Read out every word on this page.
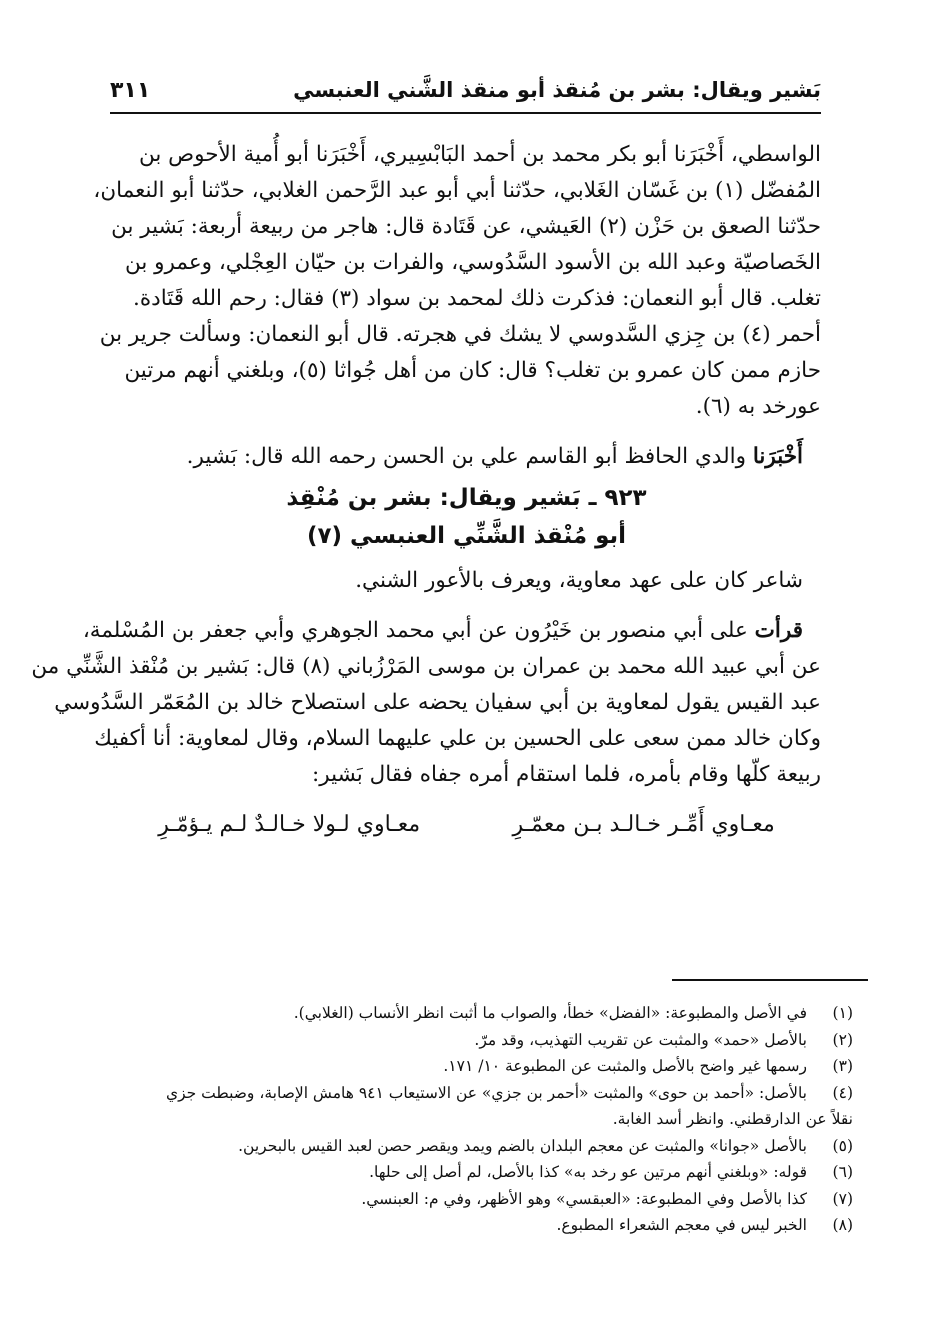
بَشير ويقال: بشر بن مُنقذ أبو منقذ الشَّني العنبسي
٣١١

الواسطي، أَخْبَرَنا أبو بكر محمد بن أحمد البَابْسِيري، أَخْبَرَنا أبو أُمية الأحوص بن
المُفضّل (١) بن غَسّان الغَلابي، حدّثنا أبي أبو عبد الرَّحمن الغلابي، حدّثنا أبو النعمان،
حدّثنا الصعق بن حَزْن (٢) العَيشي، عن قَتَادة قال: هاجر من ربيعة أربعة: بَشير بن
الخَصاصيّة وعبد الله بن الأسود السَّدُوسي، والفرات بن حيّان العِجْلي، وعمرو بن
تغلب. قال أبو النعمان: فذكرت ذلك لمحمد بن سواد (٣) فقال: رحم الله قَتَادة.
أحمر (٤) بن جِزي السَّدوسي لا يشك في هجرته. قال أبو النعمان: وسألت جرير بن
حازم ممن كان عمرو بن تغلب؟ قال: كان من أهل جُواثا (٥)، وبلغني أنهم مرتين
عورخد به (٦).

أَخْبَرَنا والدي الحافظ أبو القاسم علي بن الحسن رحمه الله قال: بَشير.

٩٢٣ ـ بَشير ويقال: بشر بن مُنْقِذ
أبو مُنْقذ الشَّنِّي العنبسي (٧)

شاعر كان على عهد معاوية، ويعرف بالأعور الشني.

قرأت على أبي منصور بن خَيْرُون عن أبي محمد الجوهري وأبي جعفر بن المُسْلمة،
عن أبي عبيد الله محمد بن عمران بن موسى المَرْزُباني (٨) قال: بَشير بن مُنْقذ الشَّنِّي من
عبد القيس يقول لمعاوية بن أبي سفيان يحضه على استصلاح خالد بن المُعَمّر السَّدُوسي
وكان خالد ممن سعى على الحسين بن علي عليهما السلام، وقال لمعاوية: أنا أكفيك
ربيعة كلّها وقام بأمره، فلما استقام أمره جفاه فقال بَشير:

معـاوي أَمِّـر خـالـد بـن معمّـرِ
معـاوي لـولا خـالـدٌ لـم يـؤمّـرِ
(١)
في الأصل والمطبوعة: «الفضل» خطأ، والصواب ما أثبت انظر الأنساب (الغلابي).
(٢)
بالأصل «حمد» والمثبت عن تقريب التهذيب، وقد مرّ.
(٣)
رسمها غير واضح بالأصل والمثبت عن المطبوعة ١٠/ ١٧١.
(٤)
بالأصل: «أحمد بن حوى» والمثبت «أحمر بن جزي» عن الاستيعاب ٩٤١ هامش الإصابة، وضبطت جزي
نقلاً عن الدارقطني. وانظر أسد الغابة.
(٥)
بالأصل «جوانا» والمثبت عن معجم البلدان بالضم ويمد ويقصر حصن لعبد القيس بالبحرين.
(٦)
قوله: «وبلغني أنهم مرتين عو رخد به» كذا بالأصل، لم أصل إلى حلها.
(٧)
كذا بالأصل وفي المطبوعة: «العبقسي» وهو الأظهر، وفي م: العبنسي.
(٨)
الخبر ليس في معجم الشعراء المطبوع.
